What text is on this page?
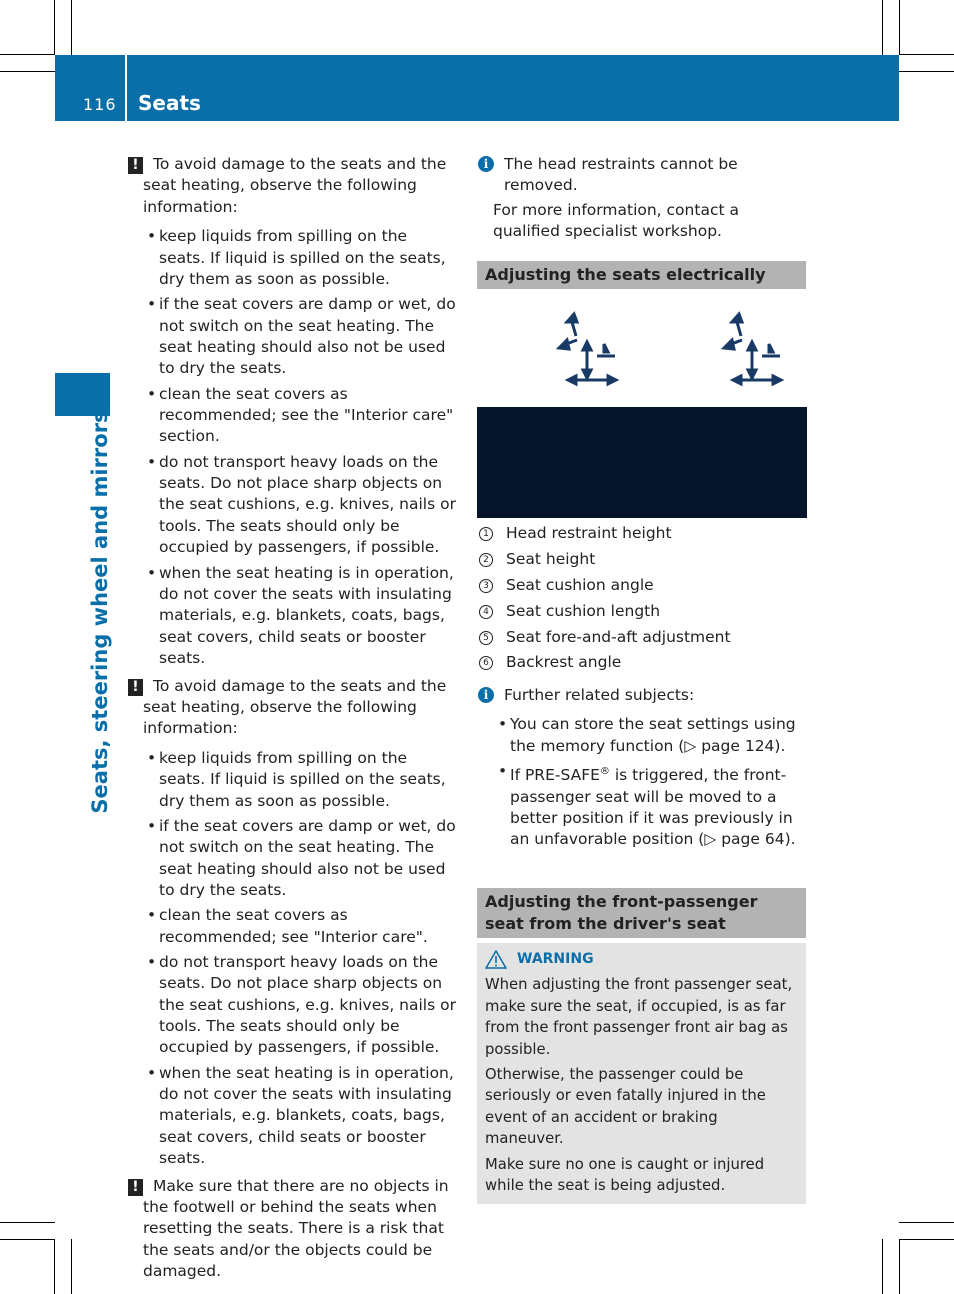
116 Seats
Seats, steering wheel and mirrors
! To avoid damage to the seats and the seat heating, observe the following information:

• keep liquids from spilling on the seats. If liquid is spilled on the seats, dry them as soon as possible.
• if the seat covers are damp or wet, do not switch on the seat heating. The seat heating should also not be used to dry the seats.
• clean the seat covers as recommended; see the "Interior care" section.
• do not transport heavy loads on the seats. Do not place sharp objects on the seat cushions, e.g. knives, nails or tools. The seats should only be occupied by passengers, if possible.
• when the seat heating is in operation, do not cover the seats with insulating materials, e.g. blankets, coats, bags, seat covers, child seats or booster seats.
! To avoid damage to the seats and the seat heating, observe the following information:

• keep liquids from spilling on the seats. If liquid is spilled on the seats, dry them as soon as possible.
• if the seat covers are damp or wet, do not switch on the seat heating. The seat heating should also not be used to dry the seats.
• clean the seat covers as recommended; see "Interior care".
• do not transport heavy loads on the seats. Do not place sharp objects on the seat cushions, e.g. knives, nails or tools. The seats should only be occupied by passengers, if possible.
• when the seat heating is in operation, do not cover the seats with insulating materials, e.g. blankets, coats, bags, seat covers, child seats or booster seats.
! Make sure that there are no objects in the footwell or behind the seats when resetting the seats. There is a risk that the seats and/or the objects could be damaged.

i	The head restraints cannot be removed.

For more information, contact a qualified specialist workshop.

Adjusting the seats electrically
1 Head restraint height
2 Seat height
3 Seat cushion angle
4 Seat cushion length
5 Seat fore-and-aft adjustment
6 Backrest angle
i	Further related subjects:

• You can store the seat settings using the memory function (▷ page 124).
• If PRE-SAFE® is triggered, the front-passenger seat will be moved to a better position if it was previously in an unfavorable position (▷ page 64).
Adjusting the front-passenger seat from the driver's seat
WARNING

When adjusting the front passenger seat, make sure the seat, if occupied, is as far from the front passenger front air bag as possible.

Otherwise, the passenger could be seriously or even fatally injured in the event of an accident or braking maneuver.

Make sure no one is caught or injured while the seat is being adjusted.
